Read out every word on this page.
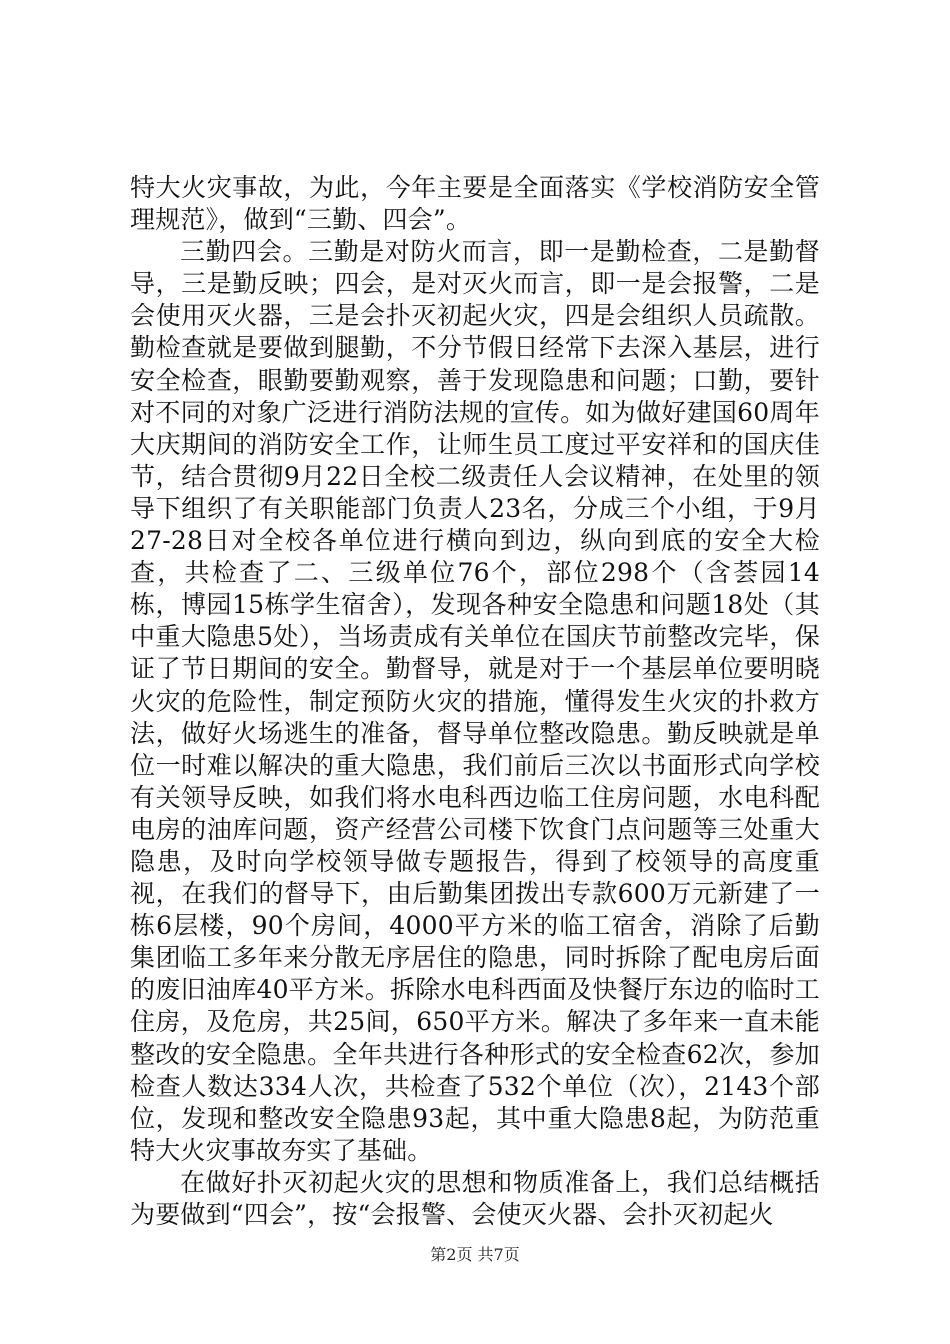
特大火灾事故，为此，今年主要是全面落实《学校消防安全管理规范》，做到“三勤、四会”。

三勤四会。三勤是对防火而言，即一是勤检查，二是勤督导，三是勤反映；四会，是对灭火而言，即一是会报警，二是会使用灭火器，三是会扑灭初起火灾，四是会组织人员疏散。勤检查就是要做到腿勤，不分节假日经常下去深入基层，进行安全检查，眼勤要勤观察，善于发现隐患和问题；口勤，要针对不同的对象广泛进行消防法规的宣传。如为做好建国60周年大庆期间的消防安全工作，让师生员工度过平安祥和的国庆佳节，结合贯彻9月22日全校二级责任人会议精神，在处里的领导下组织了有关职能部门负责人23名，分成三个小组，于9月27-28日对全校各单位进行横向到边，纵向到底的安全大检查，共检查了二、三级单位76个，部位298个（含荟园14栋，博园15栋学生宿舍），发现各种安全隐患和问题18处（其中重大隐患5处），当场责成有关单位在国庆节前整改完毕，保证了节日期间的安全。勤督导，就是对于一个基层单位要明晓火灾的危险性，制定预防火灾的措施，懂得发生火灾的扑救方法，做好火场逃生的准备，督导单位整改隐患。勤反映就是单位一时难以解决的重大隐患，我们前后三次以书面形式向学校有关领导反映，如我们将水电科西边临工住房问题，水电科配电房的油库问题，资产经营公司楼下饮食门点问题等三处重大隐患，及时向学校领导做专题报告，得到了校领导的高度重视，在我们的督导下，由后勤集团拨出专款600万元新建了一栋6层楼，90个房间，4000平方米的临工宿舍，消除了后勤集团临工多年来分散无序居住的隐患，同时拆除了配电房后面的废旧油库40平方米。拆除水电科西面及快餐厅东边的临时工住房，及危房，共25间，650平方米。解决了多年来一直未能整改的安全隐患。全年共进行各种形式的安全检查62次，参加检查人数达334人次，共检查了532个单位（次），2143个部位，发现和整改安全隐患93起，其中重大隐患8起，为防范重特大火灾事故夯实了基础。

在做好扑灭初起火灾的思想和物质准备上，我们总结概括为要做到“四会”，按“会报警、会使灭火器、会扑灭初起火

第2页 共7页
